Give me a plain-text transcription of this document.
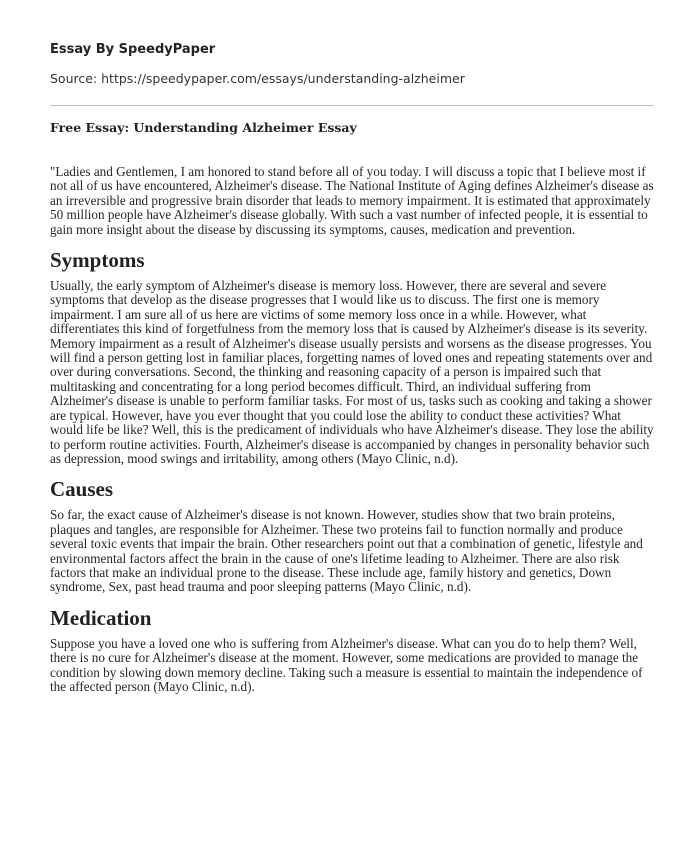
Essay By SpeedyPaper
Source: https://speedypaper.com/essays/understanding-alzheimer
Free Essay: Understanding Alzheimer Essay

"Ladies and Gentlemen, I am honored to stand before all of you today. I will discuss a topic that I believe most if not all of us have encountered, Alzheimer's disease. The National Institute of Aging defines Alzheimer's disease as an irreversible and progressive brain disorder that leads to memory impairment. It is estimated that approximately 50 million people have Alzheimer's disease globally. With such a vast number of infected people, it is essential to gain more insight about the disease by discussing its symptoms, causes, medication and prevention.

Symptoms

Usually, the early symptom of Alzheimer's disease is memory loss. However, there are several and severe symptoms that develop as the disease progresses that I would like us to discuss. The first one is memory impairment. I am sure all of us here are victims of some memory loss once in a while. However, what differentiates this kind of forgetfulness from the memory loss that is caused by Alzheimer's disease is its severity. Memory impairment as a result of Alzheimer's disease usually persists and worsens as the disease progresses. You will find a person getting lost in familiar places, forgetting names of loved ones and repeating statements over and over during conversations. Second, the thinking and reasoning capacity of a person is impaired such that multitasking and concentrating for a long period becomes difficult. Third, an individual suffering from Alzheimer's disease is unable to perform familiar tasks. For most of us, tasks such as cooking and taking a shower are typical. However, have you ever thought that you could lose the ability to conduct these activities? What would life be like? Well, this is the predicament of individuals who have Alzheimer's disease. They lose the ability to perform routine activities. Fourth, Alzheimer's disease is accompanied by changes in personality behavior such as depression, mood swings and irritability, among others (Mayo Clinic, n.d).

Causes

So far, the exact cause of Alzheimer's disease is not known. However, studies show that two brain proteins, plaques and tangles, are responsible for Alzheimer. These two proteins fail to function normally and produce several toxic events that impair the brain. Other researchers point out that a combination of genetic, lifestyle and environmental factors affect the brain in the cause of one's lifetime leading to Alzheimer. There are also risk factors that make an individual prone to the disease. These include age, family history and genetics, Down syndrome, Sex, past head trauma and poor sleeping patterns (Mayo Clinic, n.d).

Medication

Suppose you have a loved one who is suffering from Alzheimer's disease. What can you do to help them? Well, there is no cure for Alzheimer's disease at the moment. However, some medications are provided to manage the condition by slowing down memory decline. Taking such a measure is essential to maintain the independence of the affected person (Mayo Clinic, n.d).
